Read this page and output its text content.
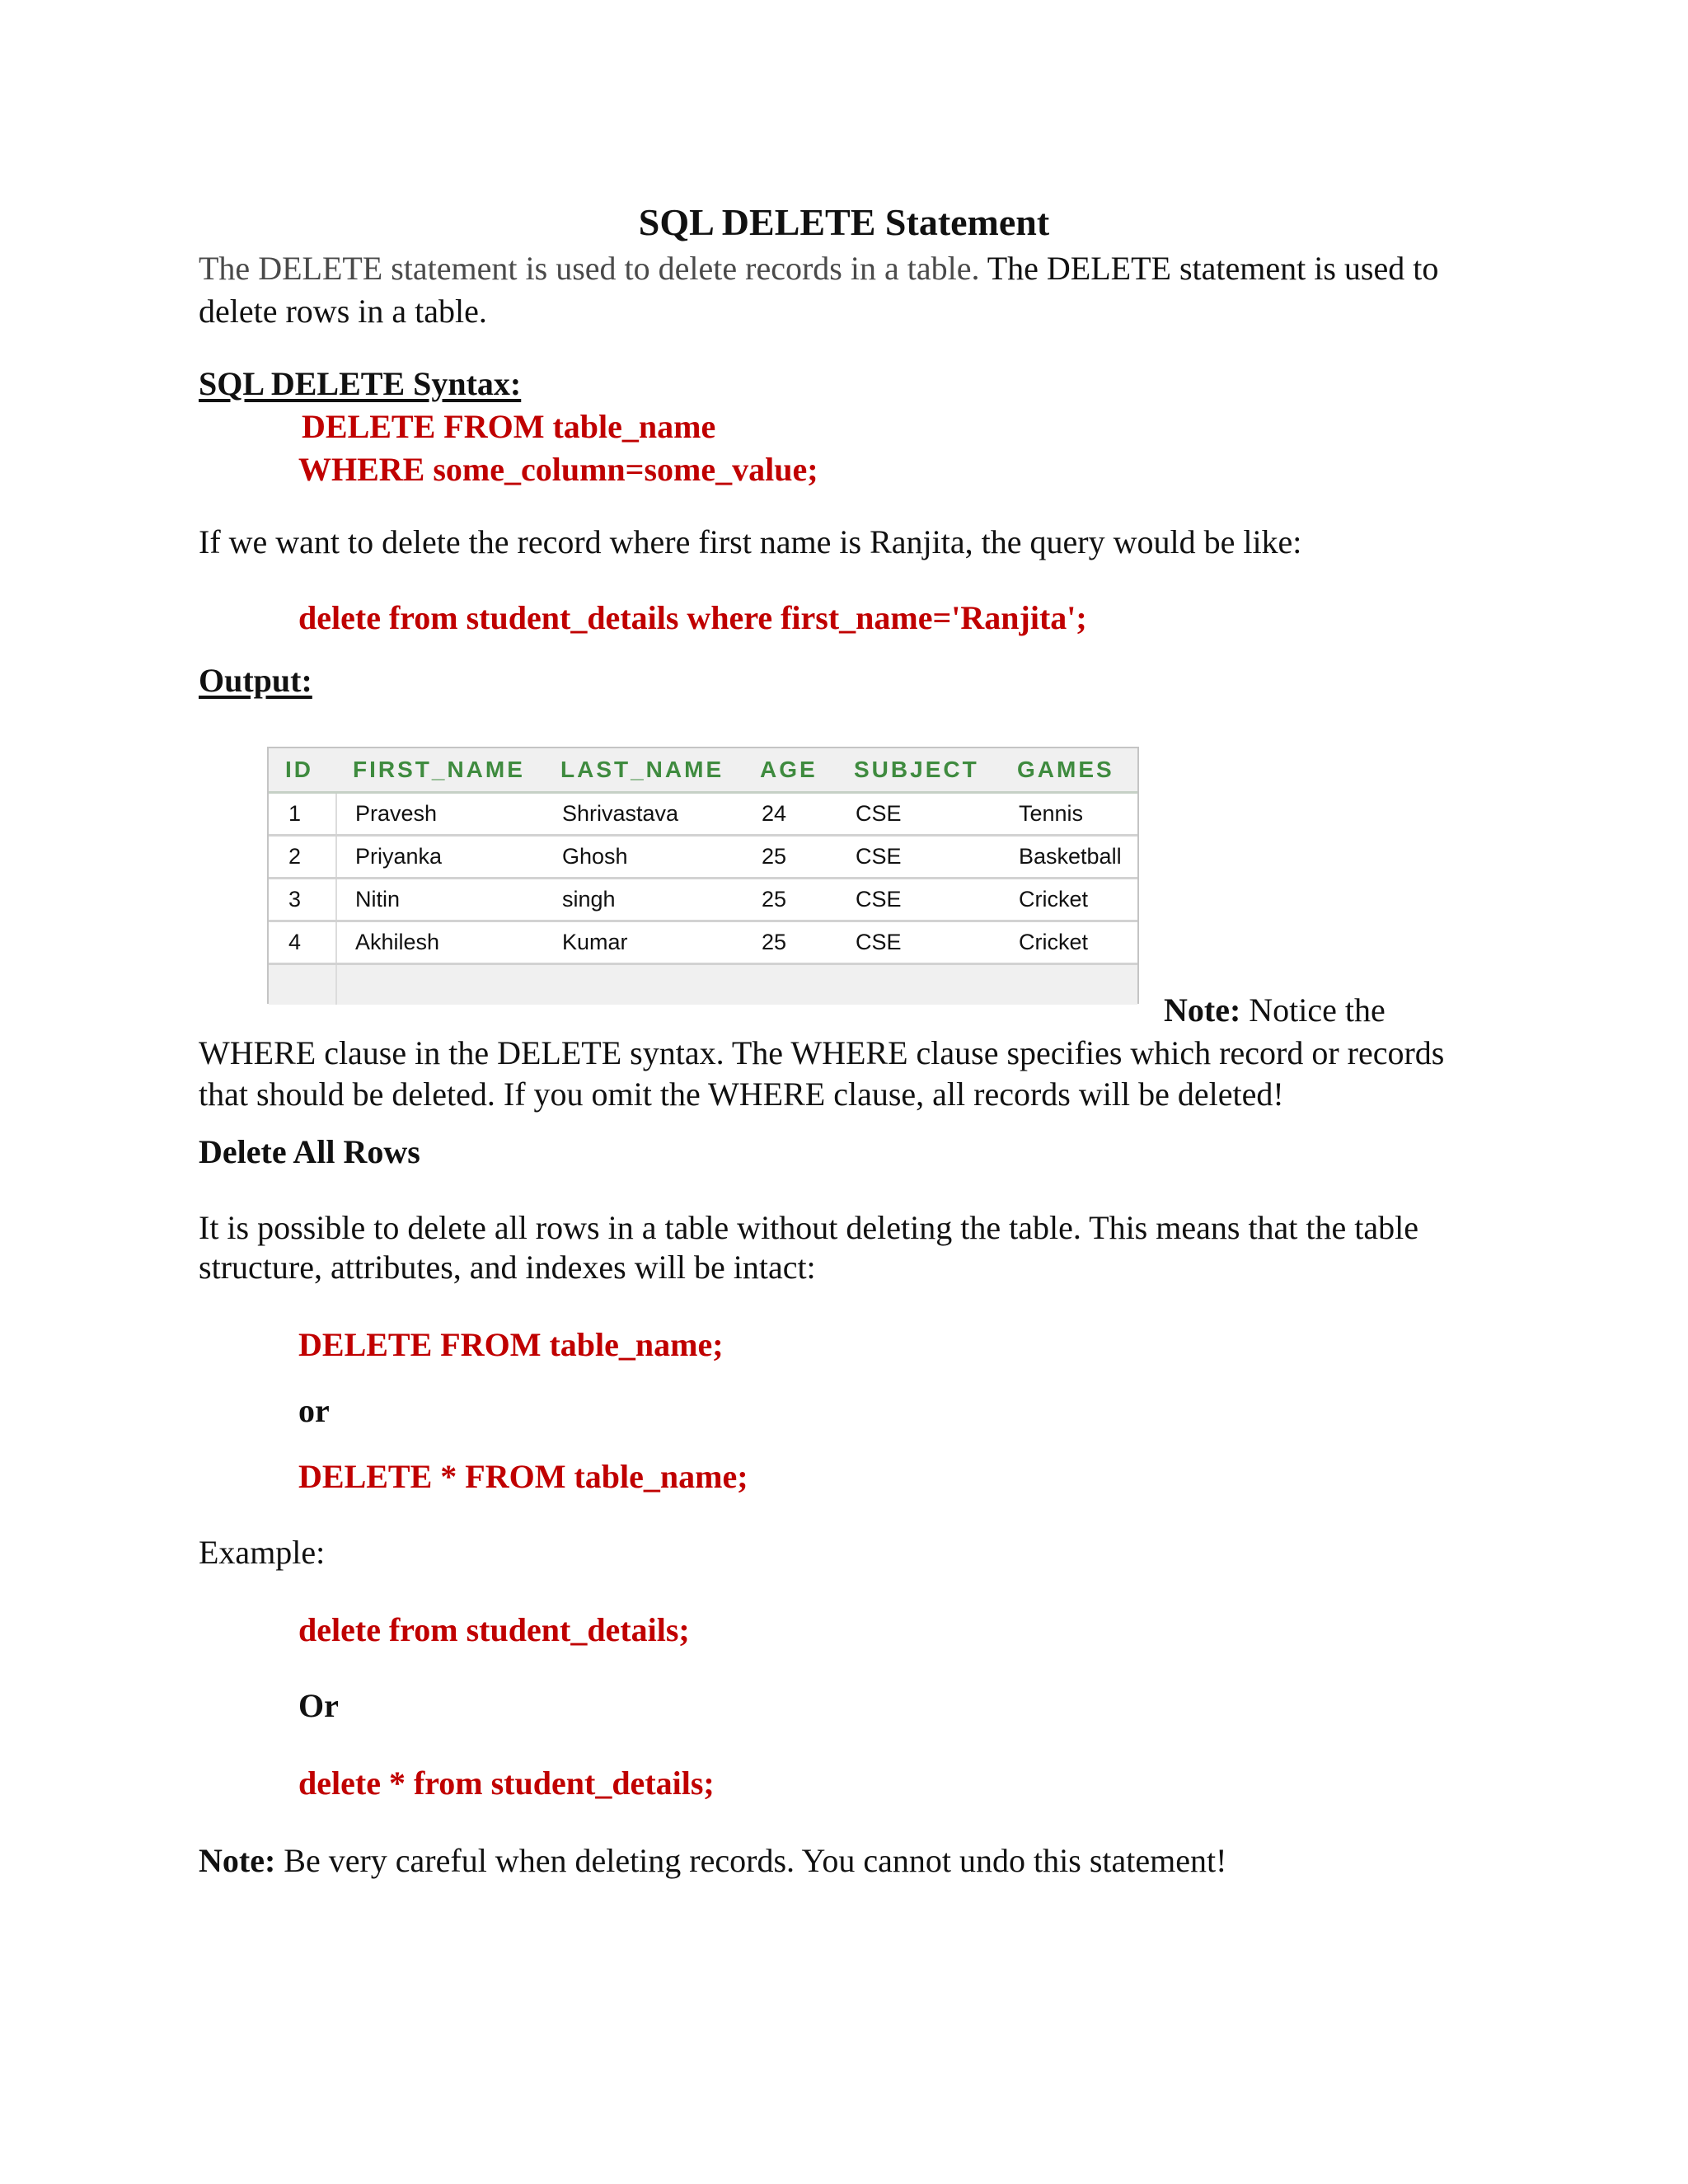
SQL DELETE Statement
The DELETE statement is used to delete records in a table. The DELETE statement is used to
delete rows in a table.
SQL DELETE Syntax:
DELETE FROM table_name
WHERE some_column=some_value;
If we want to delete the record where first name is Ranjita, the query would be like:
delete from student_details where first_name='Ranjita';
Output:
ID	FIRST_NAME	LAST_NAME	AGE	SUBJECT	GAMES
1	Pravesh	Shrivastava	24	CSE	Tennis
2	Priyanka	Ghosh	25	CSE	Basketball
3	Nitin	singh	25	CSE	Cricket
4	Akhilesh	Kumar	25	CSE	Cricket

Note: Notice the
WHERE clause in the DELETE syntax. The WHERE clause specifies which record or records
that should be deleted. If you omit the WHERE clause, all records will be deleted!
Delete All Rows
It is possible to delete all rows in a table without deleting the table. This means that the table
structure, attributes, and indexes will be intact:
DELETE FROM table_name;
or
DELETE * FROM table_name;
Example:
delete from student_details;
Or
delete * from student_details;
Note: Be very careful when deleting records. You cannot undo this statement!
